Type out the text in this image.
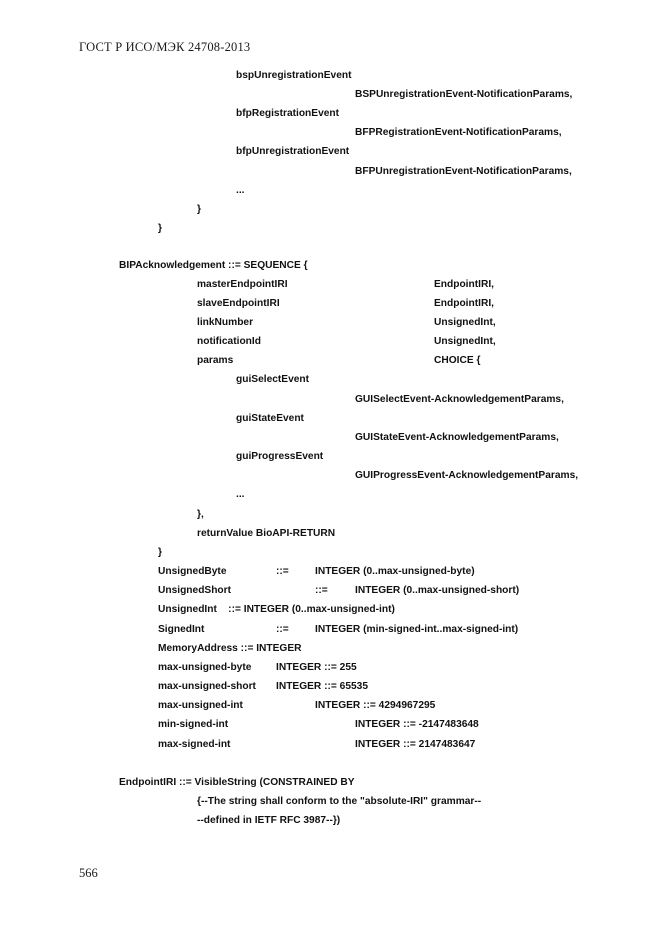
ГОСТ Р ИСО/МЭК 24708-2013
bspUnregistrationEvent
BSPUnregistrationEvent-NotificationParams,
bfpRegistrationEvent
BFPRegistrationEvent-NotificationParams,
bfpUnregistrationEvent
BFPUnregistrationEvent-NotificationParams,
...
}
}
BIPAcknowledgement ::= SEQUENCE {
masterEndpointIRI	EndpointIRI,
slaveEndpointIRI	EndpointIRI,
linkNumber	UnsignedInt,
notificationId	UnsignedInt,
params	CHOICE {
guiSelectEvent
GUISelectEvent-AcknowledgementParams,
guiStateEvent
GUIStateEvent-AcknowledgementParams,
guiProgressEvent
GUIProgressEvent-AcknowledgementParams,
...
},
returnValue BioAPI-RETURN
}
UnsignedByte	::=	INTEGER (0..max-unsigned-byte)
UnsignedShort	::=	INTEGER (0..max-unsigned-short)
UnsignedInt    ::= INTEGER (0..max-unsigned-int)
SignedInt	::=	INTEGER (min-signed-int..max-signed-int)
MemoryAddress ::= INTEGER
max-unsigned-byte INTEGER ::= 255
max-unsigned-short INTEGER ::= 65535
max-unsigned-int	INTEGER ::= 4294967295
min-signed-int	INTEGER ::= -2147483648
max-signed-int	INTEGER ::= 2147483647
EndpointIRI ::= VisibleString (CONSTRAINED BY
{--The string shall conform to the "absolute-IRI" grammar--
--defined in IETF RFC 3987--})
566
